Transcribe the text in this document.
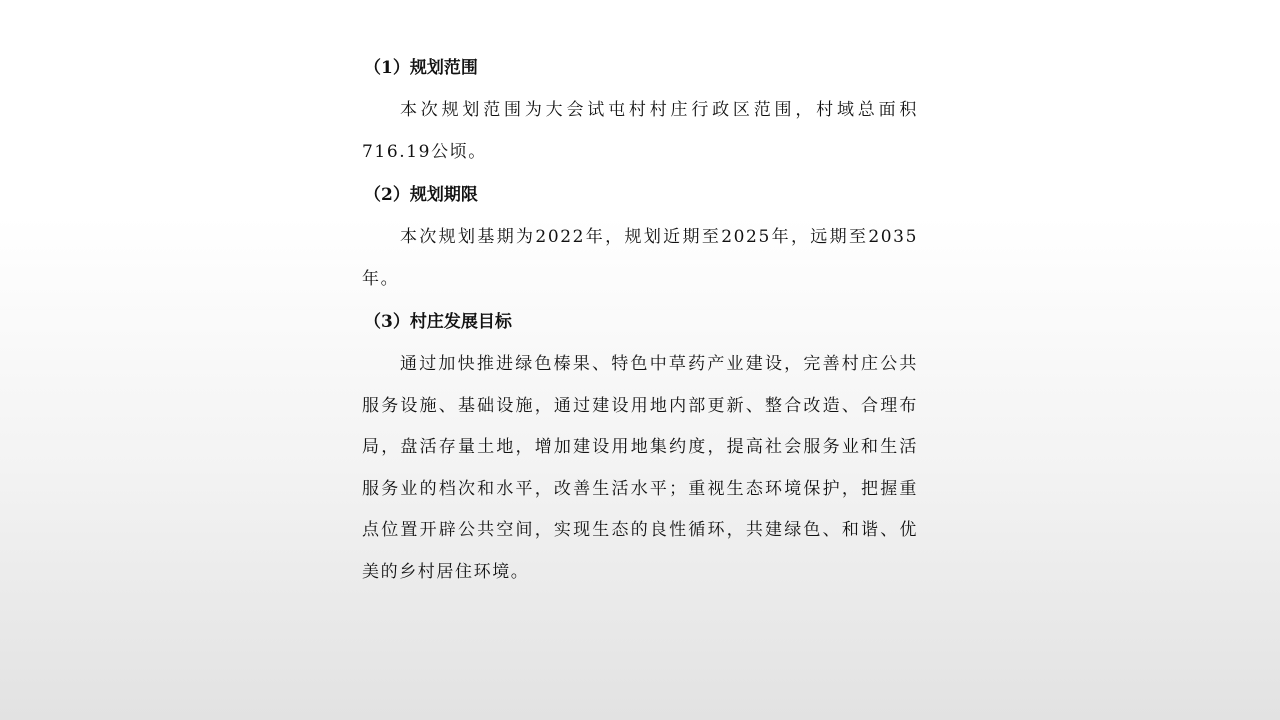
（1）规划范围

本次规划范围为大会试屯村村庄行政区范围，村域总面积716.19公顷。

（2）规划期限

本次规划基期为2022年，规划近期至2025年，远期至2035年。

（3）村庄发展目标

通过加快推进绿色榛果、特色中草药产业建设，完善村庄公共服务设施、基础设施，通过建设用地内部更新、整合改造、合理布局，盘活存量土地，增加建设用地集约度，提高社会服务业和生活服务业的档次和水平，改善生活水平；重视生态环境保护，把握重点位置开辟公共空间，实现生态的良性循环，共建绿色、和谐、优美的乡村居住环境。
